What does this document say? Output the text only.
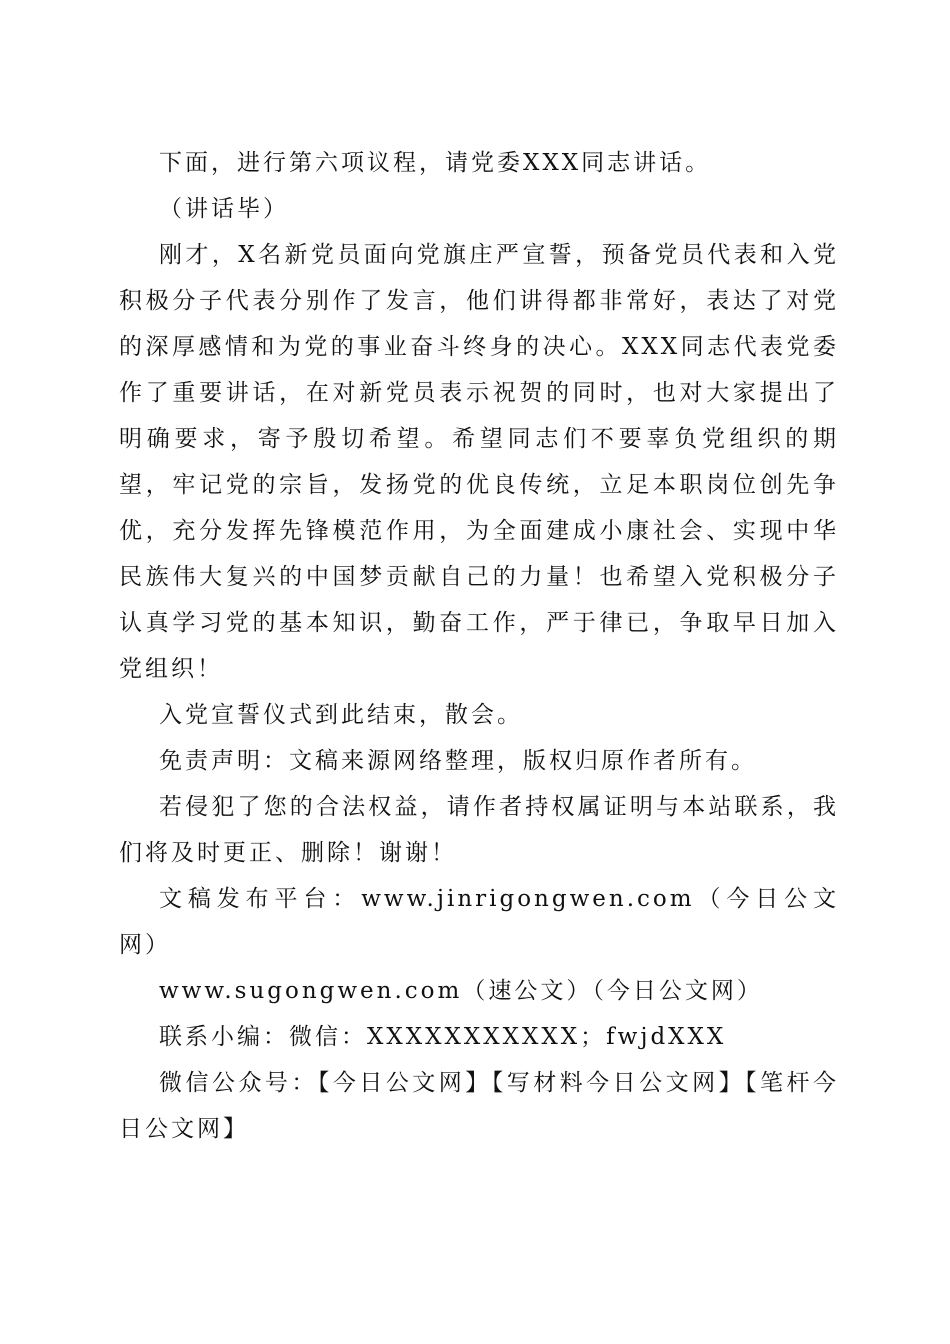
下面，进行第六项议程，请党委XXX同志讲话。

（讲话毕）

刚才，X名新党员面向党旗庄严宣誓，预备党员代表和入党积极分子代表分别作了发言，他们讲得都非常好，表达了对党的深厚感情和为党的事业奋斗终身的决心。XXX同志代表党委作了重要讲话，在对新党员表示祝贺的同时，也对大家提出了明确要求，寄予殷切希望。希望同志们不要辜负党组织的期望，牢记党的宗旨，发扬党的优良传统，立足本职岗位创先争优，充分发挥先锋模范作用，为全面建成小康社会、实现中华民族伟大复兴的中国梦贡献自己的力量！也希望入党积极分子认真学习党的基本知识，勤奋工作，严于律已，争取早日加入党组织！

入党宣誓仪式到此结束，散会。

免责声明：文稿来源网络整理，版权归原作者所有。

若侵犯了您的合法权益，请作者持权属证明与本站联系，我们将及时更正、删除！谢谢！

文稿发布平台：www.jinrigongwen.com（今日公文网）

www.sugongwen.com（速公文）（今日公文网）

联系小编：微信：XXXXXXXXXXX；fwjdXXX

微信公众号：【今日公文网】【写材料今日公文网】【笔杆今日公文网】
